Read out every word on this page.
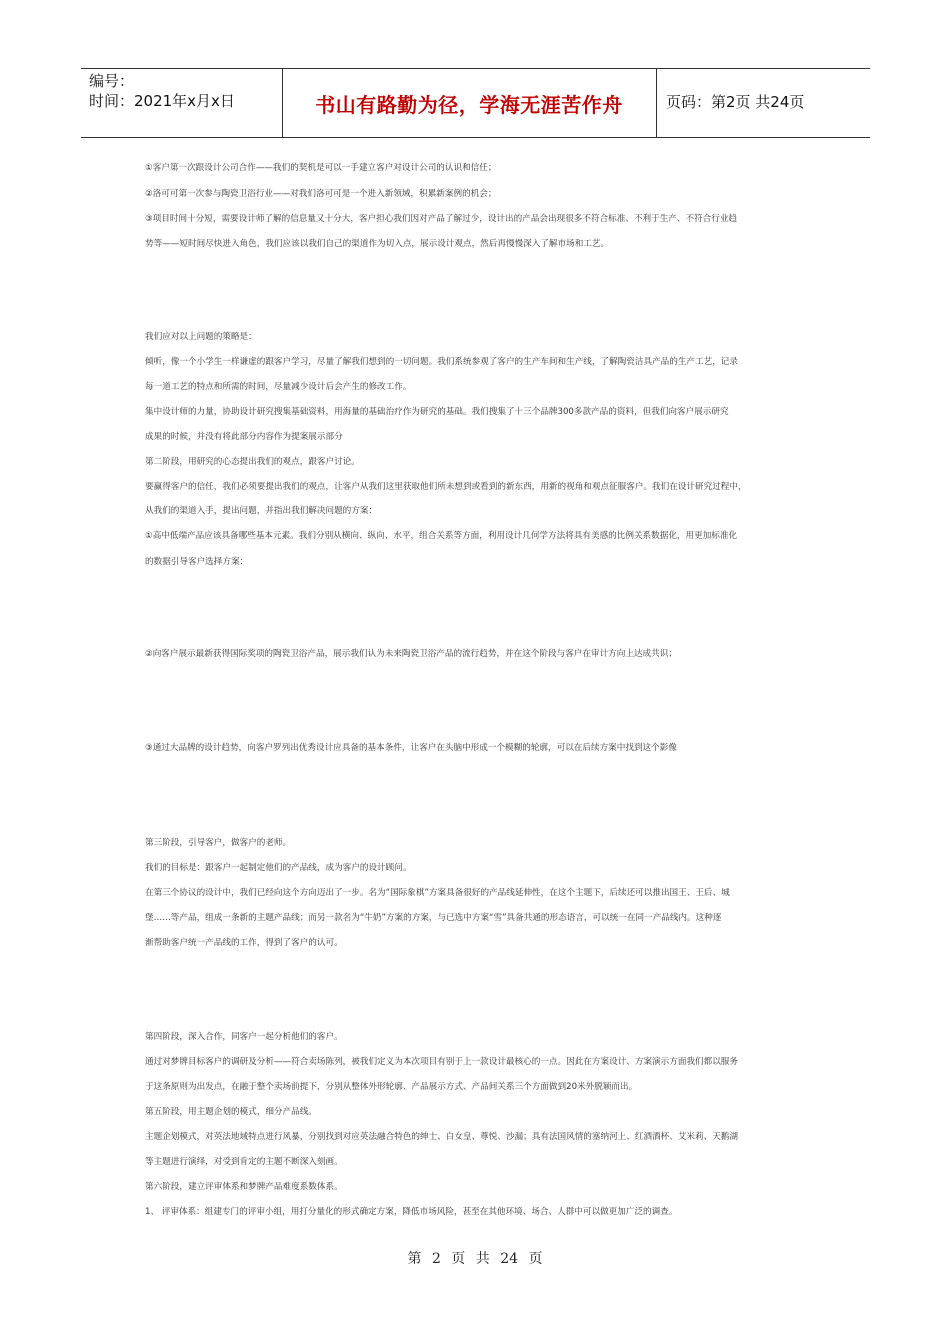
编号：
时间：2021年x月x日	书山有路勤为径，学海无涯苦作舟	页码：第2页 共24页
①客户第一次跟设计公司合作——我们的契机是可以一手建立客户对设计公司的认识和信任；
②洛可可第一次参与陶瓷卫浴行业——对我们洛可可是一个进入新领域，积累新案例的机会；
③项目时间十分短，需要设计师了解的信息量又十分大，客户担心我们因对产品了解过少，设计出的产品会出现很多不符合标准、不利于生产、不符合行业趋
势等——短时间尽快进入角色，我们应该以我们自己的渠道作为切入点，展示设计观点，然后再慢慢深入了解市场和工艺。
我们应对以上问题的策略是：
倾听，像一个小学生一样谦虚的跟客户学习，尽量了解我们想到的一切问题。我们系统参观了客户的生产车间和生产线，了解陶瓷洁具产品的生产工艺，记录
每一道工艺的特点和所需的时间，尽量减少设计后会产生的修改工作。
集中设计师的力量，协助设计研究搜集基础资料，用海量的基础治疗作为研究的基础。我们搜集了十三个品牌300多款产品的资料，但我们向客户展示研究
成果的时候，并没有将此部分内容作为提案展示部分
第二阶段，用研究的心态提出我们的观点，跟客户讨论。
要赢得客户的信任，我们必须要提出我们的观点，让客户从我们这里获取他们所未想到或看到的新东西，用新的视角和观点征服客户。我们在设计研究过程中，
从我们的渠道入手，提出问题，并指出我们解决问题的方案：
①高中低端产品应该具备哪些基本元素。我们分别从横向、纵向、水平，组合关系等方面，利用设计几何学方法将具有美感的比例关系数据化，用更加标准化
的数据引导客户选择方案：
②向客户展示最新获得国际奖项的陶瓷卫浴产品，展示我们认为未来陶瓷卫浴产品的流行趋势，并在这个阶段与客户在审计方向上达成共识；
③通过大品牌的设计趋势，向客户罗列出优秀设计应具备的基本条件，让客户在头脑中形成一个模糊的轮廓，可以在后续方案中找到这个影像
第三阶段，引导客户，做客户的老师。
我们的目标是：跟客户一起制定他们的产品线，成为客户的设计顾问。
在第三个协议的设计中，我们已经向这个方向迈出了一步。名为“国际象棋”方案具备很好的产品线延伸性，在这个主题下，后续还可以推出国王、王后、城
堡……等产品，组成一条新的主题产品线；而另一款名为“牛奶”方案的方案，与已选中方案“雪”具备共通的形态语言，可以统一在同一产品线内。这种逐
渐帮助客户统一产品线的工作，得到了客户的认可。
第四阶段，深入合作，同客户一起分析他们的客户。
通过对梦牌目标客户的调研及分析——符合卖场陈列，被我们定义为本次项目有别于上一款设计最核心的一点。因此在方案设计、方案演示方面我们都以服务
于这条原则为出发点，在融于整个卖场前提下，分别从整体外形轮廓、产品展示方式、产品间关系三个方面做到20米外脱颖而出。
第五阶段，用主题企划的模式，细分产品线。
主题企划模式，对英法地域特点进行风暴，分别找到对应英法融合特色的绅士、白女皇、尊悦、沙漏；具有法国风情的塞纳河上、红酒酒杯、艾米莉、天鹅湖
等主题进行演绎，对受到肯定的主题不断深入刻画。
第六阶段，建立评审体系和梦牌产品难度系数体系。
1、 评审体系：组建专门的评审小组，用打分量化的形式确定方案，降低市场风险，甚至在其他环境、场合、人群中可以做更加广泛的调查。
第 2 页 共 24 页
